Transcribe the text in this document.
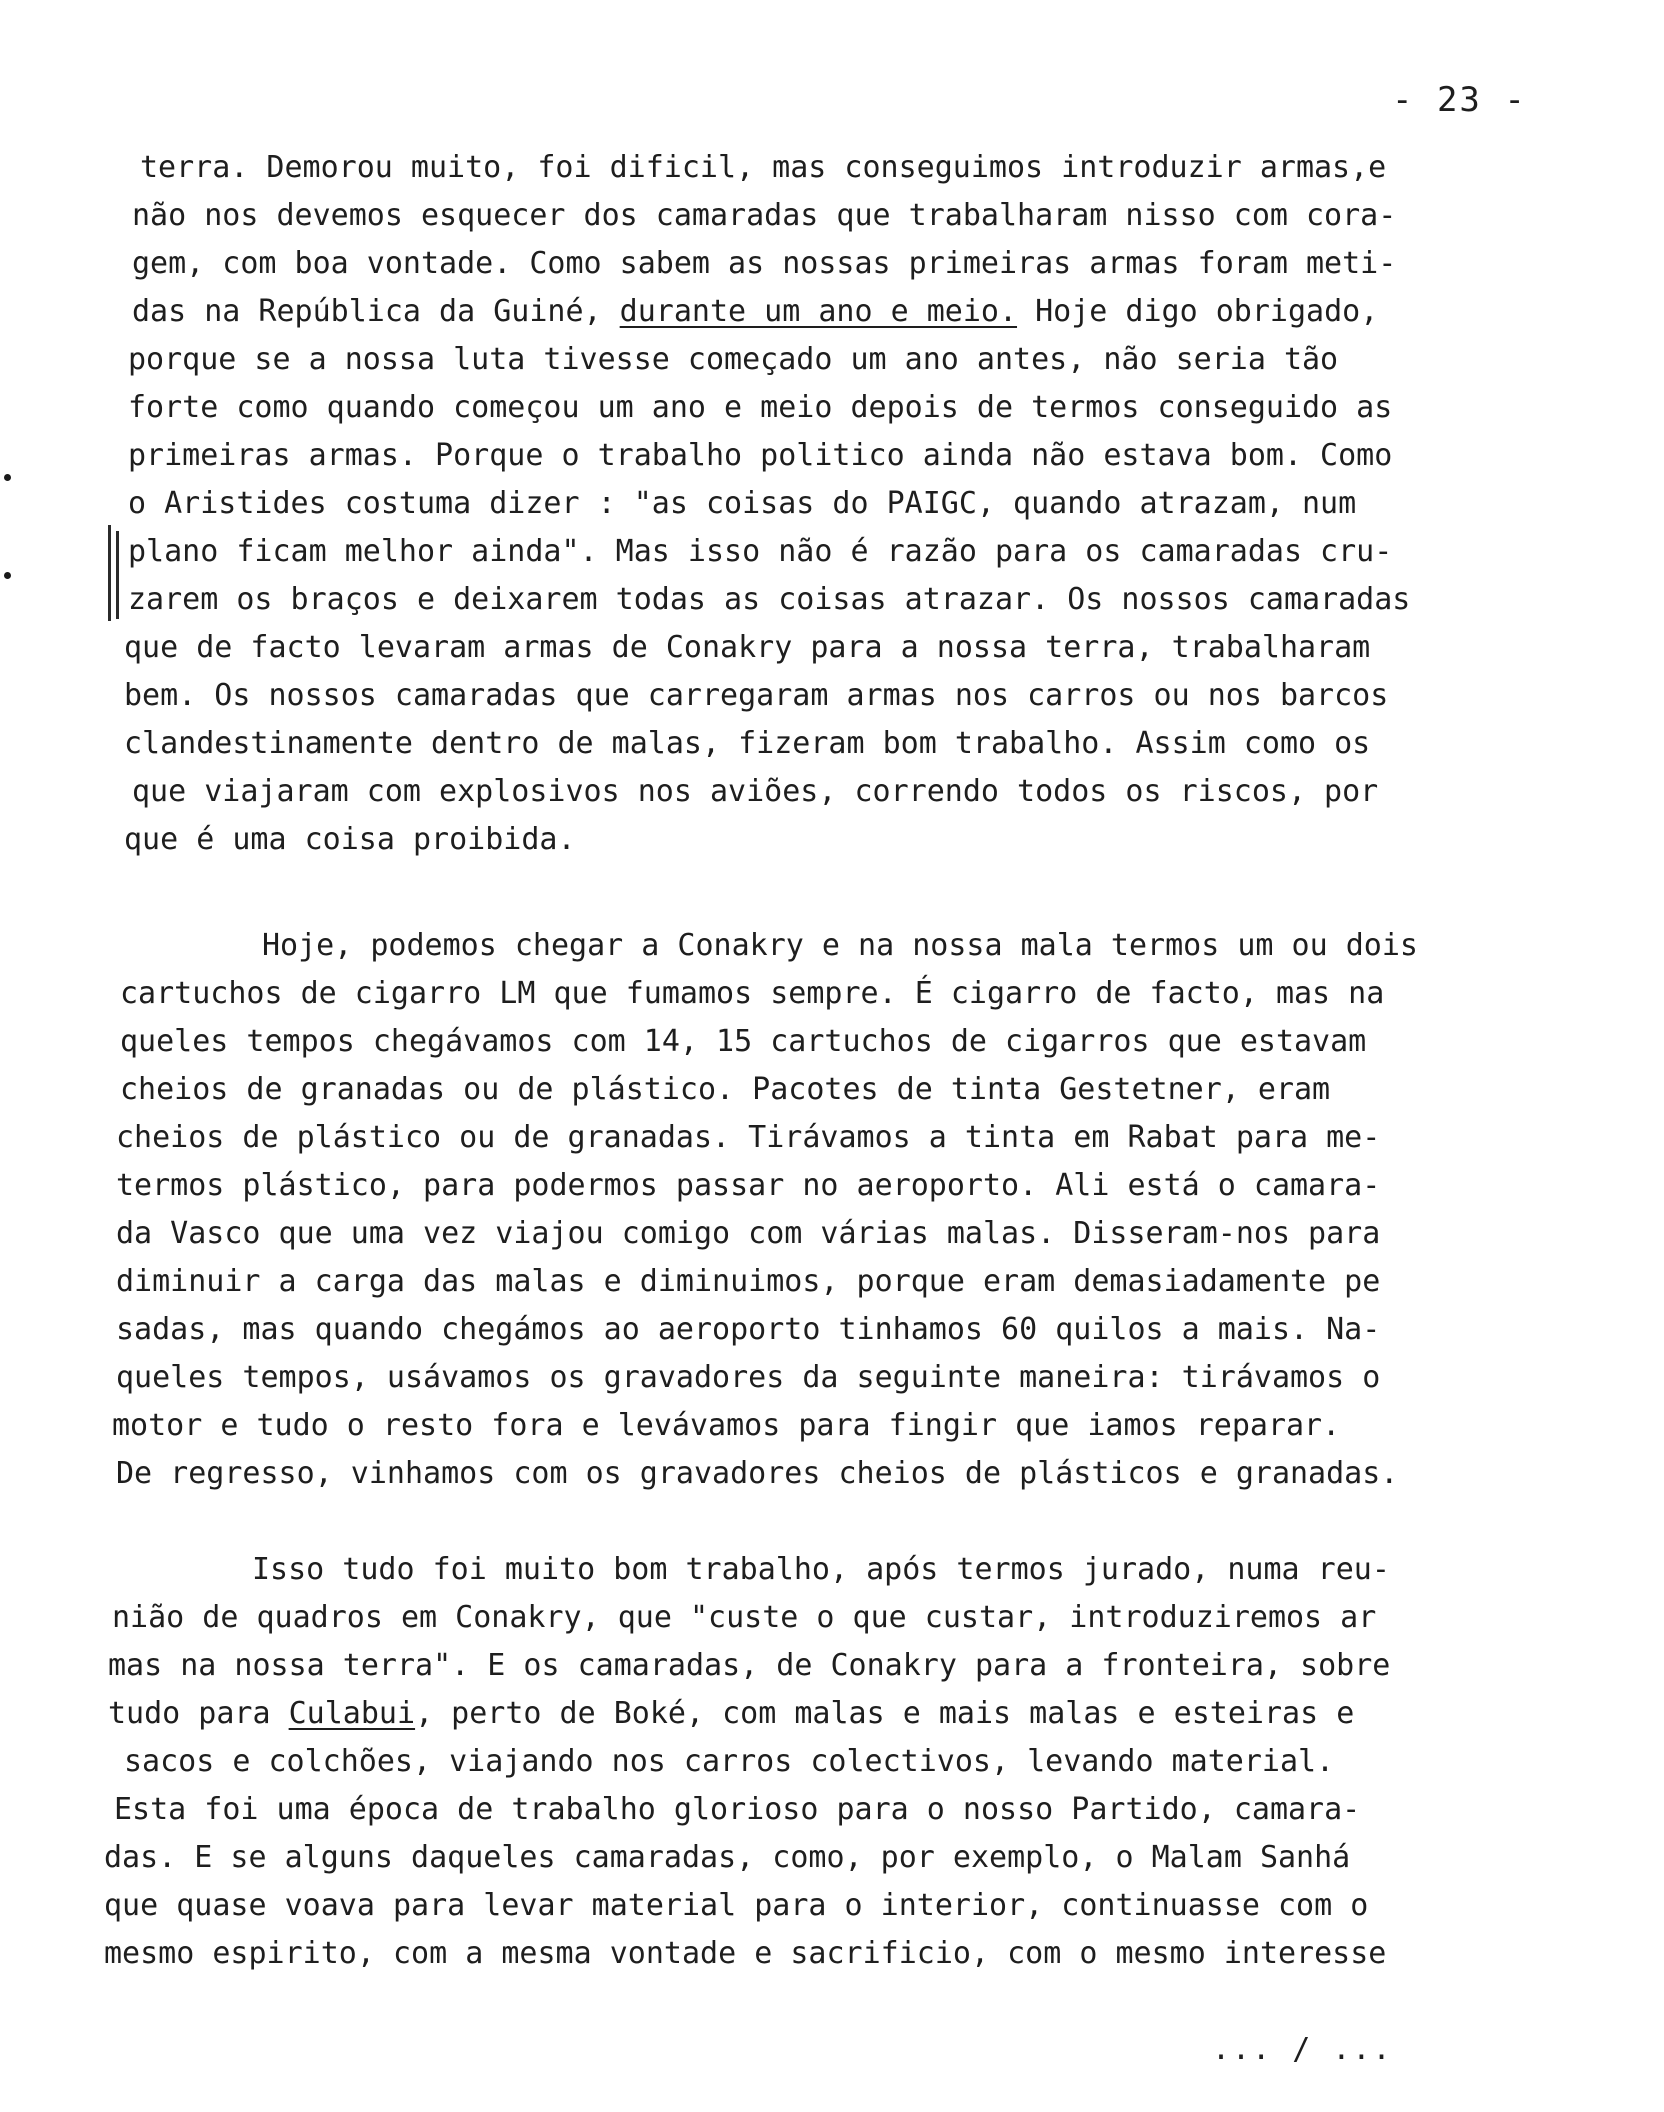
- 23 -
terra. Demorou muito, foi dificil, mas conseguimos introduzir armas,e
não nos devemos esquecer dos camaradas que trabalharam nisso com cora-
gem, com boa vontade. Como sabem as nossas primeiras armas foram meti-
das na República da Guiné, durante um ano e meio. Hoje digo obrigado,
porque se a nossa luta tivesse começado um ano antes, não seria tão
forte como quando começou um ano e meio depois de termos conseguido as
primeiras armas. Porque o trabalho politico ainda não estava bom. Como
o Aristides costuma dizer : "as coisas do PAIGC, quando atrazam, num
plano ficam melhor ainda". Mas isso não é razão para os camaradas cru-
zarem os braços e deixarem todas as coisas atrazar. Os nossos camaradas
que de facto levaram armas de Conakry para a nossa terra, trabalharam
bem. Os nossos camaradas que carregaram armas nos carros ou nos barcos
clandestinamente dentro de malas, fizeram bom trabalho. Assim como os
que viajaram com explosivos nos aviões, correndo todos os riscos, por
que é uma coisa proibida.
Hoje, podemos chegar a Conakry e na nossa mala termos um ou dois
cartuchos de cigarro LM que fumamos sempre. É cigarro de facto, mas na
queles tempos chegávamos com 14, 15 cartuchos de cigarros que estavam
cheios de granadas ou de plástico. Pacotes de tinta Gestetner, eram
cheios de plástico ou de granadas. Tirávamos a tinta em Rabat para me-
termos plástico, para podermos passar no aeroporto. Ali está o camara-
da Vasco que uma vez viajou comigo com várias malas. Disseram-nos para
diminuir a carga das malas e diminuimos, porque eram demasiadamente pe
sadas, mas quando chegámos ao aeroporto tinhamos 60 quilos a mais. Na-
queles tempos, usávamos os gravadores da seguinte maneira: tirávamos o
motor e tudo o resto fora e levávamos para fingir que iamos reparar.
De regresso, vinhamos com os gravadores cheios de plásticos e granadas.
Isso tudo foi muito bom trabalho, após termos jurado, numa reu-
nião de quadros em Conakry, que "custe o que custar, introduziremos ar
mas na nossa terra". E os camaradas, de Conakry para a fronteira, sobre
tudo para Culabui, perto de Boké, com malas e mais malas e esteiras e
sacos e colchões, viajando nos carros colectivos, levando material.
Esta foi uma época de trabalho glorioso para o nosso Partido, camara-
das. E se alguns daqueles camaradas, como, por exemplo, o Malam Sanhá
que quase voava para levar material para o interior, continuasse com o
mesmo espirito, com a mesma vontade e sacrificio, com o mesmo interesse
... / ...
